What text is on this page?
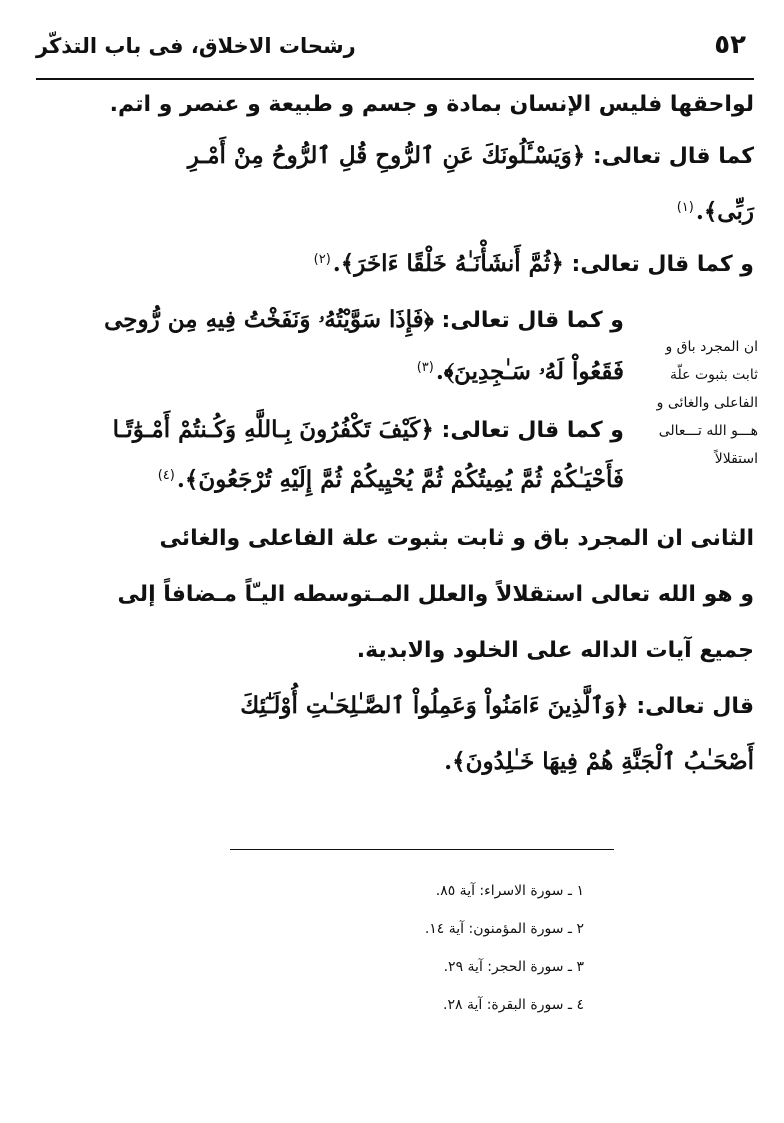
٥٢
رشحات الاخلاق، فى باب التذكّر
لواحقها فليس الإنسان بمادة و جسم و طبيعة و عنصر و اتم.
كما قال تعالى: ﴿وَيَسْـَٔلُونَكَ عَنِ ٱلرُّوحِ قُلِ ٱلرُّوحُ مِنْ أَمْـرِ
رَبِّى﴾.$^{(١)}$
و كما قال تعالى: ﴿ثُمَّ أَنشَأْنَـٰهُ خَلْقًا ءَاخَرَ﴾.$^{(٢)}$
و كما قال تعالى: ﴿فَإِذَا سَوَّيْتُهُۥ وَنَفَخْتُ فِيهِ مِن رُّوحِى
فَقَعُواْ لَهُۥ سَـٰجِدِينَ﴾.$^{(٣)}$
و كما قال تعالى: ﴿كَيْفَ تَكْفُرُونَ بِـاللَّهِ وَكُـنتُمْ أَمْـوَٰتًـا
فَأَحْيَـٰكُمْ ثُمَّ يُمِيتُكُمْ ثُمَّ يُحْيِيكُمْ ثُمَّ إِلَيْهِ تُرْجَعُونَ﴾.$^{(٤)}$
ان المجرد باق و
ثابت بثبوت علّة
الفاعلى والغائى و
هـــو الله تـــعالى
استقلالاً
الثانى ان المجرد باق و ثابت بثبوت علة الفاعلى والغائى
و هو الله تعالى استقلالاً والعلل المـتوسطه اليـّاً مـضافاً إلى
جميع آيات الداله على الخلود والابدية.
قال تعالى: ﴿وَٱلَّذِينَ ءَامَنُواْ وَعَمِلُواْ ٱلصَّـٰلِحَـٰتِ أُوْلَـٰٓئِكَ
أَصْحَـٰبُ ٱلْجَنَّةِ هُمْ فِيهَا خَـٰلِدُونَ﴾.
١ ـ سورة الاسراء: آية ٨٥.
٢ ـ سورة المؤمنون: آية ١٤.
٣ ـ سورة الحجر: آية ٢٩.
٤ ـ سورة البقرة: آية ٢٨.
